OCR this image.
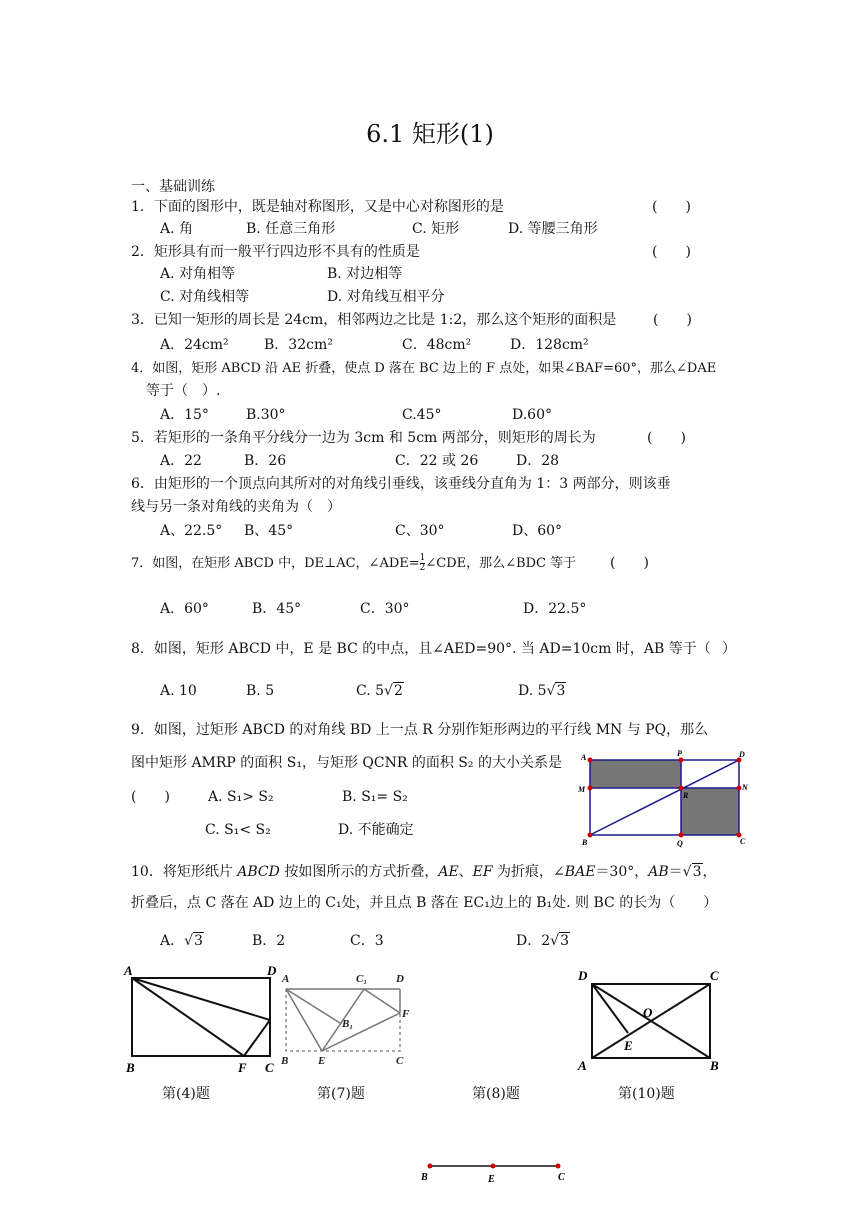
6.1 矩形(1)
一、基础训练
1．下面的图形中，既是轴对称图形，又是中心对称图形的是	(　　)
A. 角	B. 任意三角形	C. 矩形	D. 等腰三角形
2．矩形具有而一般平行四边形不具有的性质是	(　　)
A. 对角相等	B. 对边相等
C. 对角线相等	D. 对角线互相平分
3．已知一矩形的周长是 24cm，相邻两边之比是 1:2，那么这个矩形的面积是	(　　)
A．24cm²	B．32cm²	C．48cm²	D．128cm²
4．如图，矩形 ABCD 沿 AE 折叠，使点 D 落在 BC 边上的 F 点处，如果∠BAF=60°，那么∠DAE
等于（　）.
A．15°	B.30°	C.45°	D.60°
5．若矩形的一条角平分线分一边为 3cm 和 5cm 两部分，则矩形的周长为	(　　)
A．22	B．26	C．22 或 26	D．28
6．由矩形的一个顶点向其所对的对角线引垂线，该垂线分直角为 1：3 两部分，则该垂
线与另一条对角线的夹角为（　）
A、22.5° B、45°	C、30°	D、60°
7．如图，在矩形 ABCD 中，DE⊥AC，∠ADE= $\frac{1}{2}$ ∠CDE，那么∠BDC 等于 (　　)
A．60°	B．45°	C．30°	D．22.5°
8．如图，矩形 ABCD 中，E 是 BC 的中点，且∠AED=90°. 当 AD=10cm 时，AB 等于（ ）
A. 10	B. 5	C. 5√2	D. 5√3
9．如图，过矩形 ABCD 的对角线 BD 上一点 R 分别作矩形两边的平行线 MN 与 PQ，那么
图中矩形 AMRP 的面积 S₁，与矩形 QCNR 的面积 S₂ 的大小关系是
(　　)	A. S₁> S₂	B. S₁= S₂
C. S₁< S₂	D. 不能确定
A	P	D
M
R
N
B	Q	C
10．将矩形纸片 ABCD 按如图所示的方式折叠，AE、EF 为折痕，∠BAE＝30°，AB＝√3，
折叠后，点 C 落在 AD 边上的 C₁处，并且点 B 落在 EC₁边上的 B₁处. 则 BC 的长为（　　）
A．√3	B．2	C．3	D．2√3
A	D
B	F C
A	C₁	D
B₁
F
B	E	C
D	C
O
E
A	B
第(4)题	第(7)题	第(8)题	第(10)题
B	E	C
